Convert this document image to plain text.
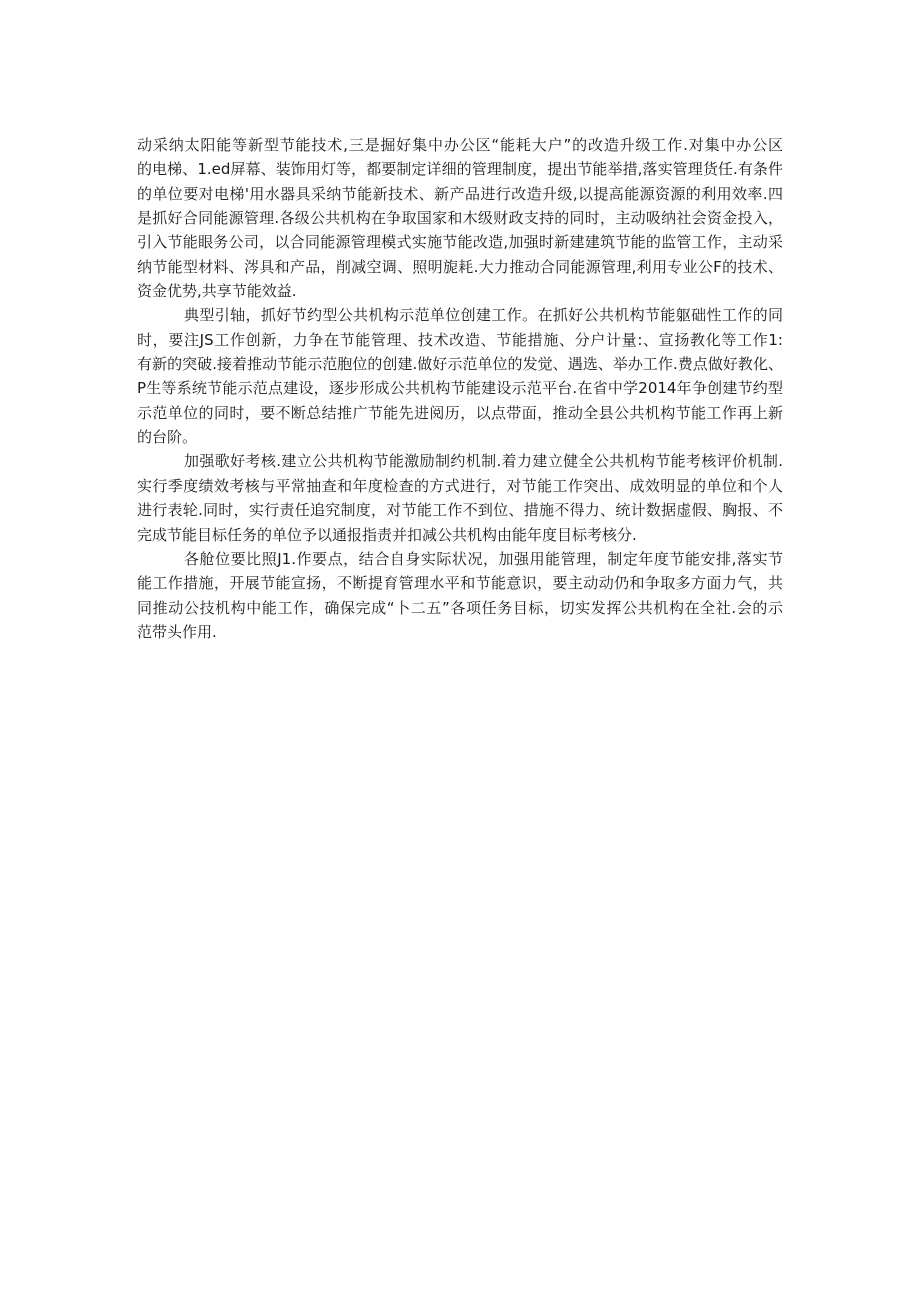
动采纳太阳能等新型节能技术,三是掘好集中办公区“能耗大户”的改造升级工作.对集中办公区
的电梯、1.ed屏幕、装饰用灯等，都要制定详细的管理制度，提出节能举措,落实管理货任.有条件
的单位要对电梯'用水器具采纳节能新技术、新产品进行改造升级,以提高能源资源的利用效率.四
是抓好合同能源管理.各级公共机构在争取国家和木级财政支持的同时，主动吸纳社会资金投入，
引入节能眼务公司，以合同能源管理模式实施节能改造,加强时新建建筑节能的监管工作，主动采
纳节能型材料、涔具和产品，削减空调、照明旎耗.大力推动合同能源管理,利用专业公F的技术、
资金优势,共享节能效益.
典型引轴，抓好节约型公共机构示范单位创建工作。在抓好公共机构节能躯础性工作的同
时，要注JS工作创新，力争在节能管理、技术改造、节能措施、分户计量:、宣扬教化等工作1:
有新的突破.接着推动节能示范胞位的创建.做好示范单位的发觉、遇选、举办工作.费点做好教化、
P生等系统节能示范点建设，逐步形成公共机构节能建设示范平台.在省中学2014年争创建节约型
示范单位的同时，要不断总结推广节能先进阅历，以点带面，推动全县公共机构节能工作再上新
的台阶。
加强歌好考核.建立公共机构节能激励制约机制.着力建立健全公共机构节能考核评价机制.
实行季度绩效考核与平常抽查和年度检查的方式进行，对节能工作突出、成效明显的单位和个人
进行表轮.同时，实行责任追究制度，对节能工作不到位、措施不得力、统计数据虚假、胸报、不
完成节能目标任务的单位予以通报指责并扣减公共机构由能年度目标考核分.
各舱位要比照J1.作要点，结合自身实际状况，加强用能管理，制定年度节能安排,落实节
能工作措施，开展节能宣扬，不断提育管理水平和节能意识，要主动动仍和争取多方面力气，共
同推动公技机构中能工作，确保完成“卜二五”各项任务目标，切实发挥公共机构在全社.会的示
范带头作用.
